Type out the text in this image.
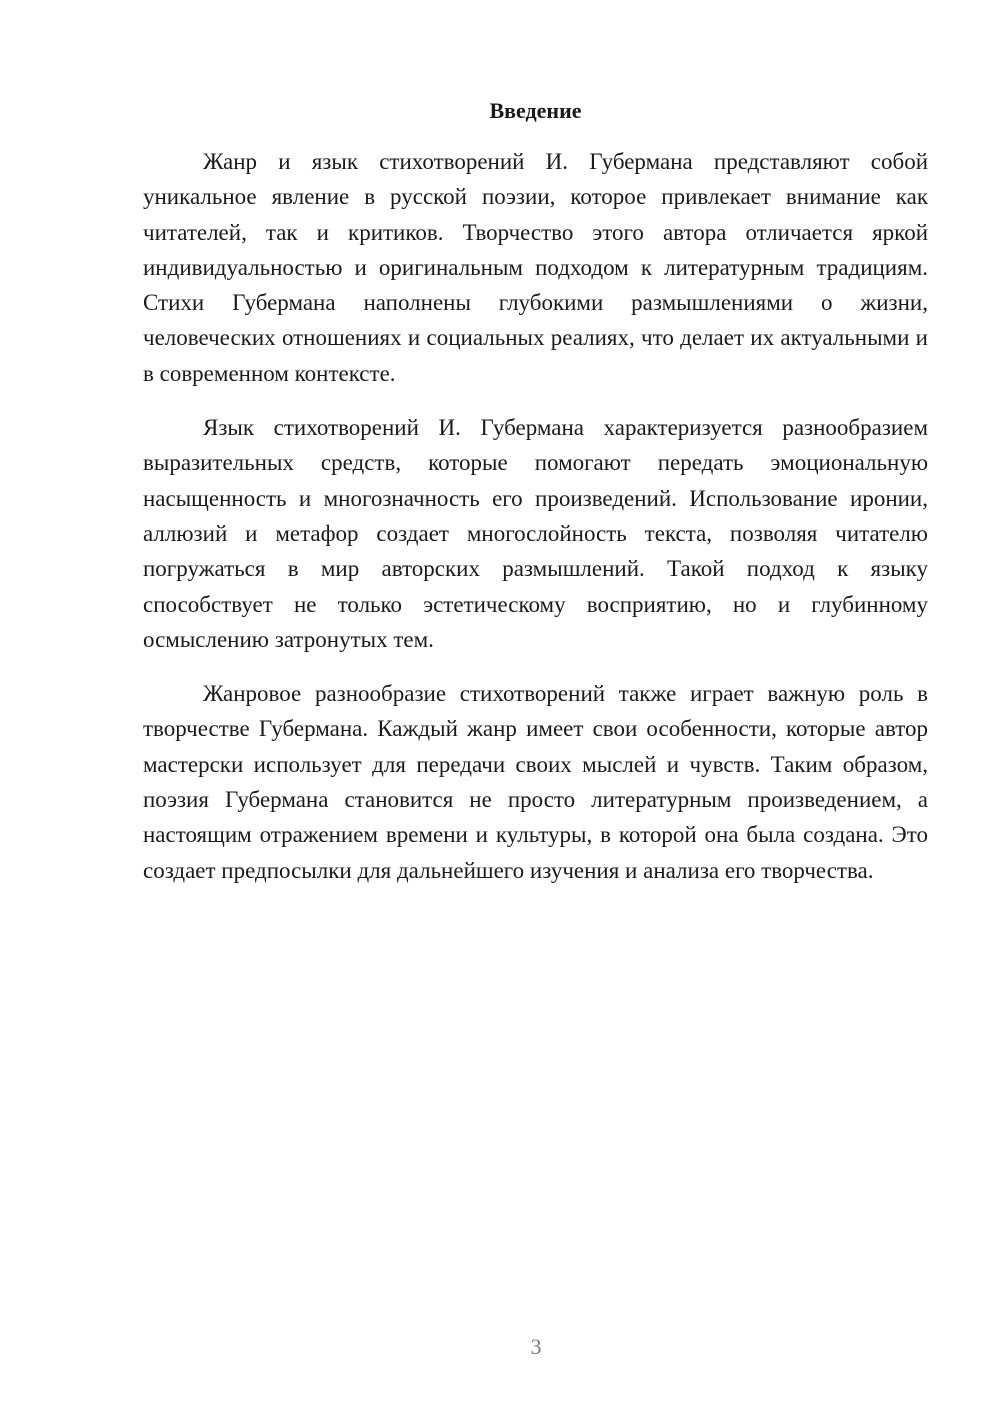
Введение

Жанр и язык стихотворений И. Губермана представляют собой уникальное явление в русской поэзии, которое привлекает внимание как читателей, так и критиков. Творчество этого автора отличается яркой индивидуальностью и оригинальным подходом к литературным традициям. Стихи Губермана наполнены глубокими размышлениями о жизни, человеческих отношениях и социальных реалиях, что делает их актуальными и в современном контексте.

Язык стихотворений И. Губермана характеризуется разнообразием выразительных средств, которые помогают передать эмоциональную насыщенность и многозначность его произведений. Использование иронии, аллюзий и метафор создает многослойность текста, позволяя читателю погружаться в мир авторских размышлений. Такой подход к языку способствует не только эстетическому восприятию, но и глубинному осмыслению затронутых тем.

Жанровое разнообразие стихотворений также играет важную роль в творчестве Губермана. Каждый жанр имеет свои особенности, которые автор мастерски использует для передачи своих мыслей и чувств. Таким образом, поэзия Губермана становится не просто литературным произведением, а настоящим отражением времени и культуры, в которой она была создана. Это создает предпосылки для дальнейшего изучения и анализа его творчества.

3
